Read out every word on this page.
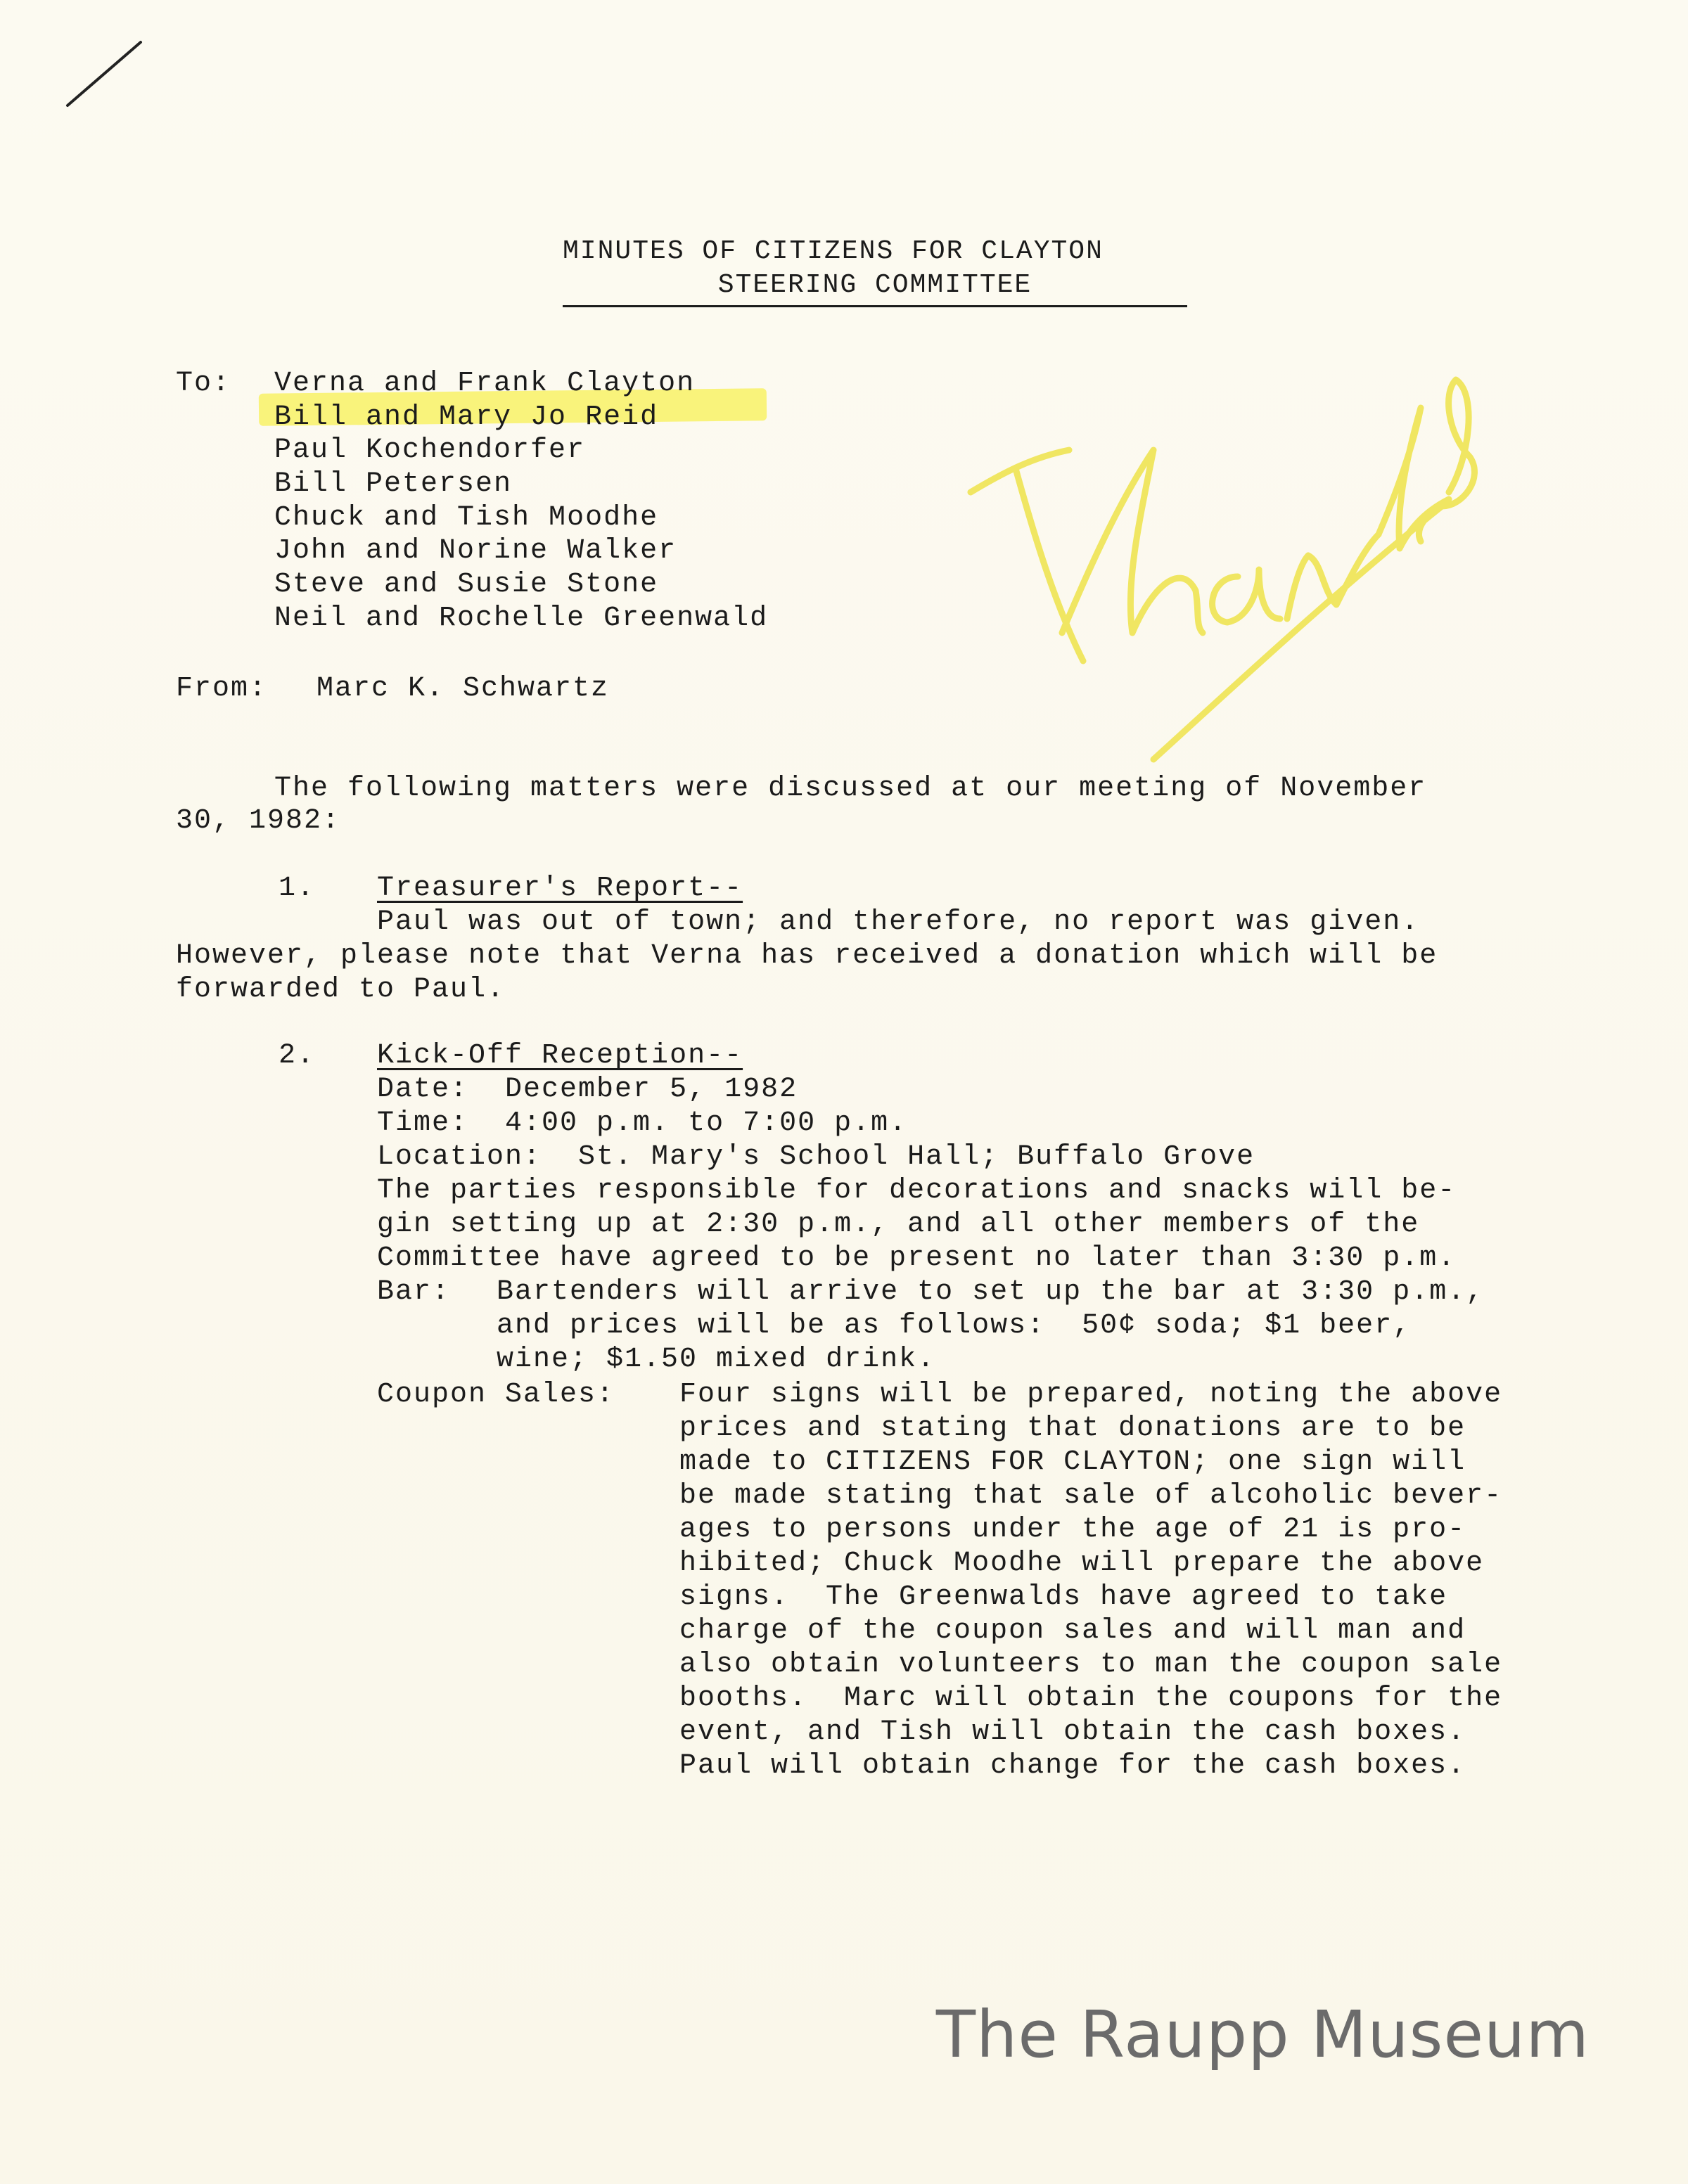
MINUTES OF CITIZENS FOR CLAYTON
STEERING COMMITTEE
To: Verna and Frank Clayton
Bill and Mary Jo Reid
Paul Kochendorfer
Bill Petersen
Chuck and Tish Moodhe
John and Norine Walker
Steve and Susie Stone
Neil and Rochelle Greenwald
From: Marc K. Schwartz
The following matters were discussed at our meeting of November
30, 1982:
1. Treasurer's Report--
Paul was out of town; and therefore, no report was given.
However, please note that Verna has received a donation which will be
forwarded to Paul.
2. Kick-Off Reception--
Date:  December 5, 1982
Time:  4:00 p.m. to 7:00 p.m.
Location:  St. Mary's School Hall; Buffalo Grove
The parties responsible for decorations and snacks will be-
gin setting up at 2:30 p.m., and all other members of the
Committee have agreed to be present no later than 3:30 p.m.
Bar: Bartenders will arrive to set up the bar at 3:30 p.m.,
and prices will be as follows:  50¢ soda; $1 beer,
wine; $1.50 mixed drink.
Coupon Sales: Four signs will be prepared, noting the above
prices and stating that donations are to be
made to CITIZENS FOR CLAYTON; one sign will
be made stating that sale of alcoholic bever-
ages to persons under the age of 21 is pro-
hibited; Chuck Moodhe will prepare the above
signs.  The Greenwalds have agreed to take
charge of the coupon sales and will man and
also obtain volunteers to man the coupon sale
booths.  Marc will obtain the coupons for the
event, and Tish will obtain the cash boxes.
Paul will obtain change for the cash boxes.
The Raupp Museum
